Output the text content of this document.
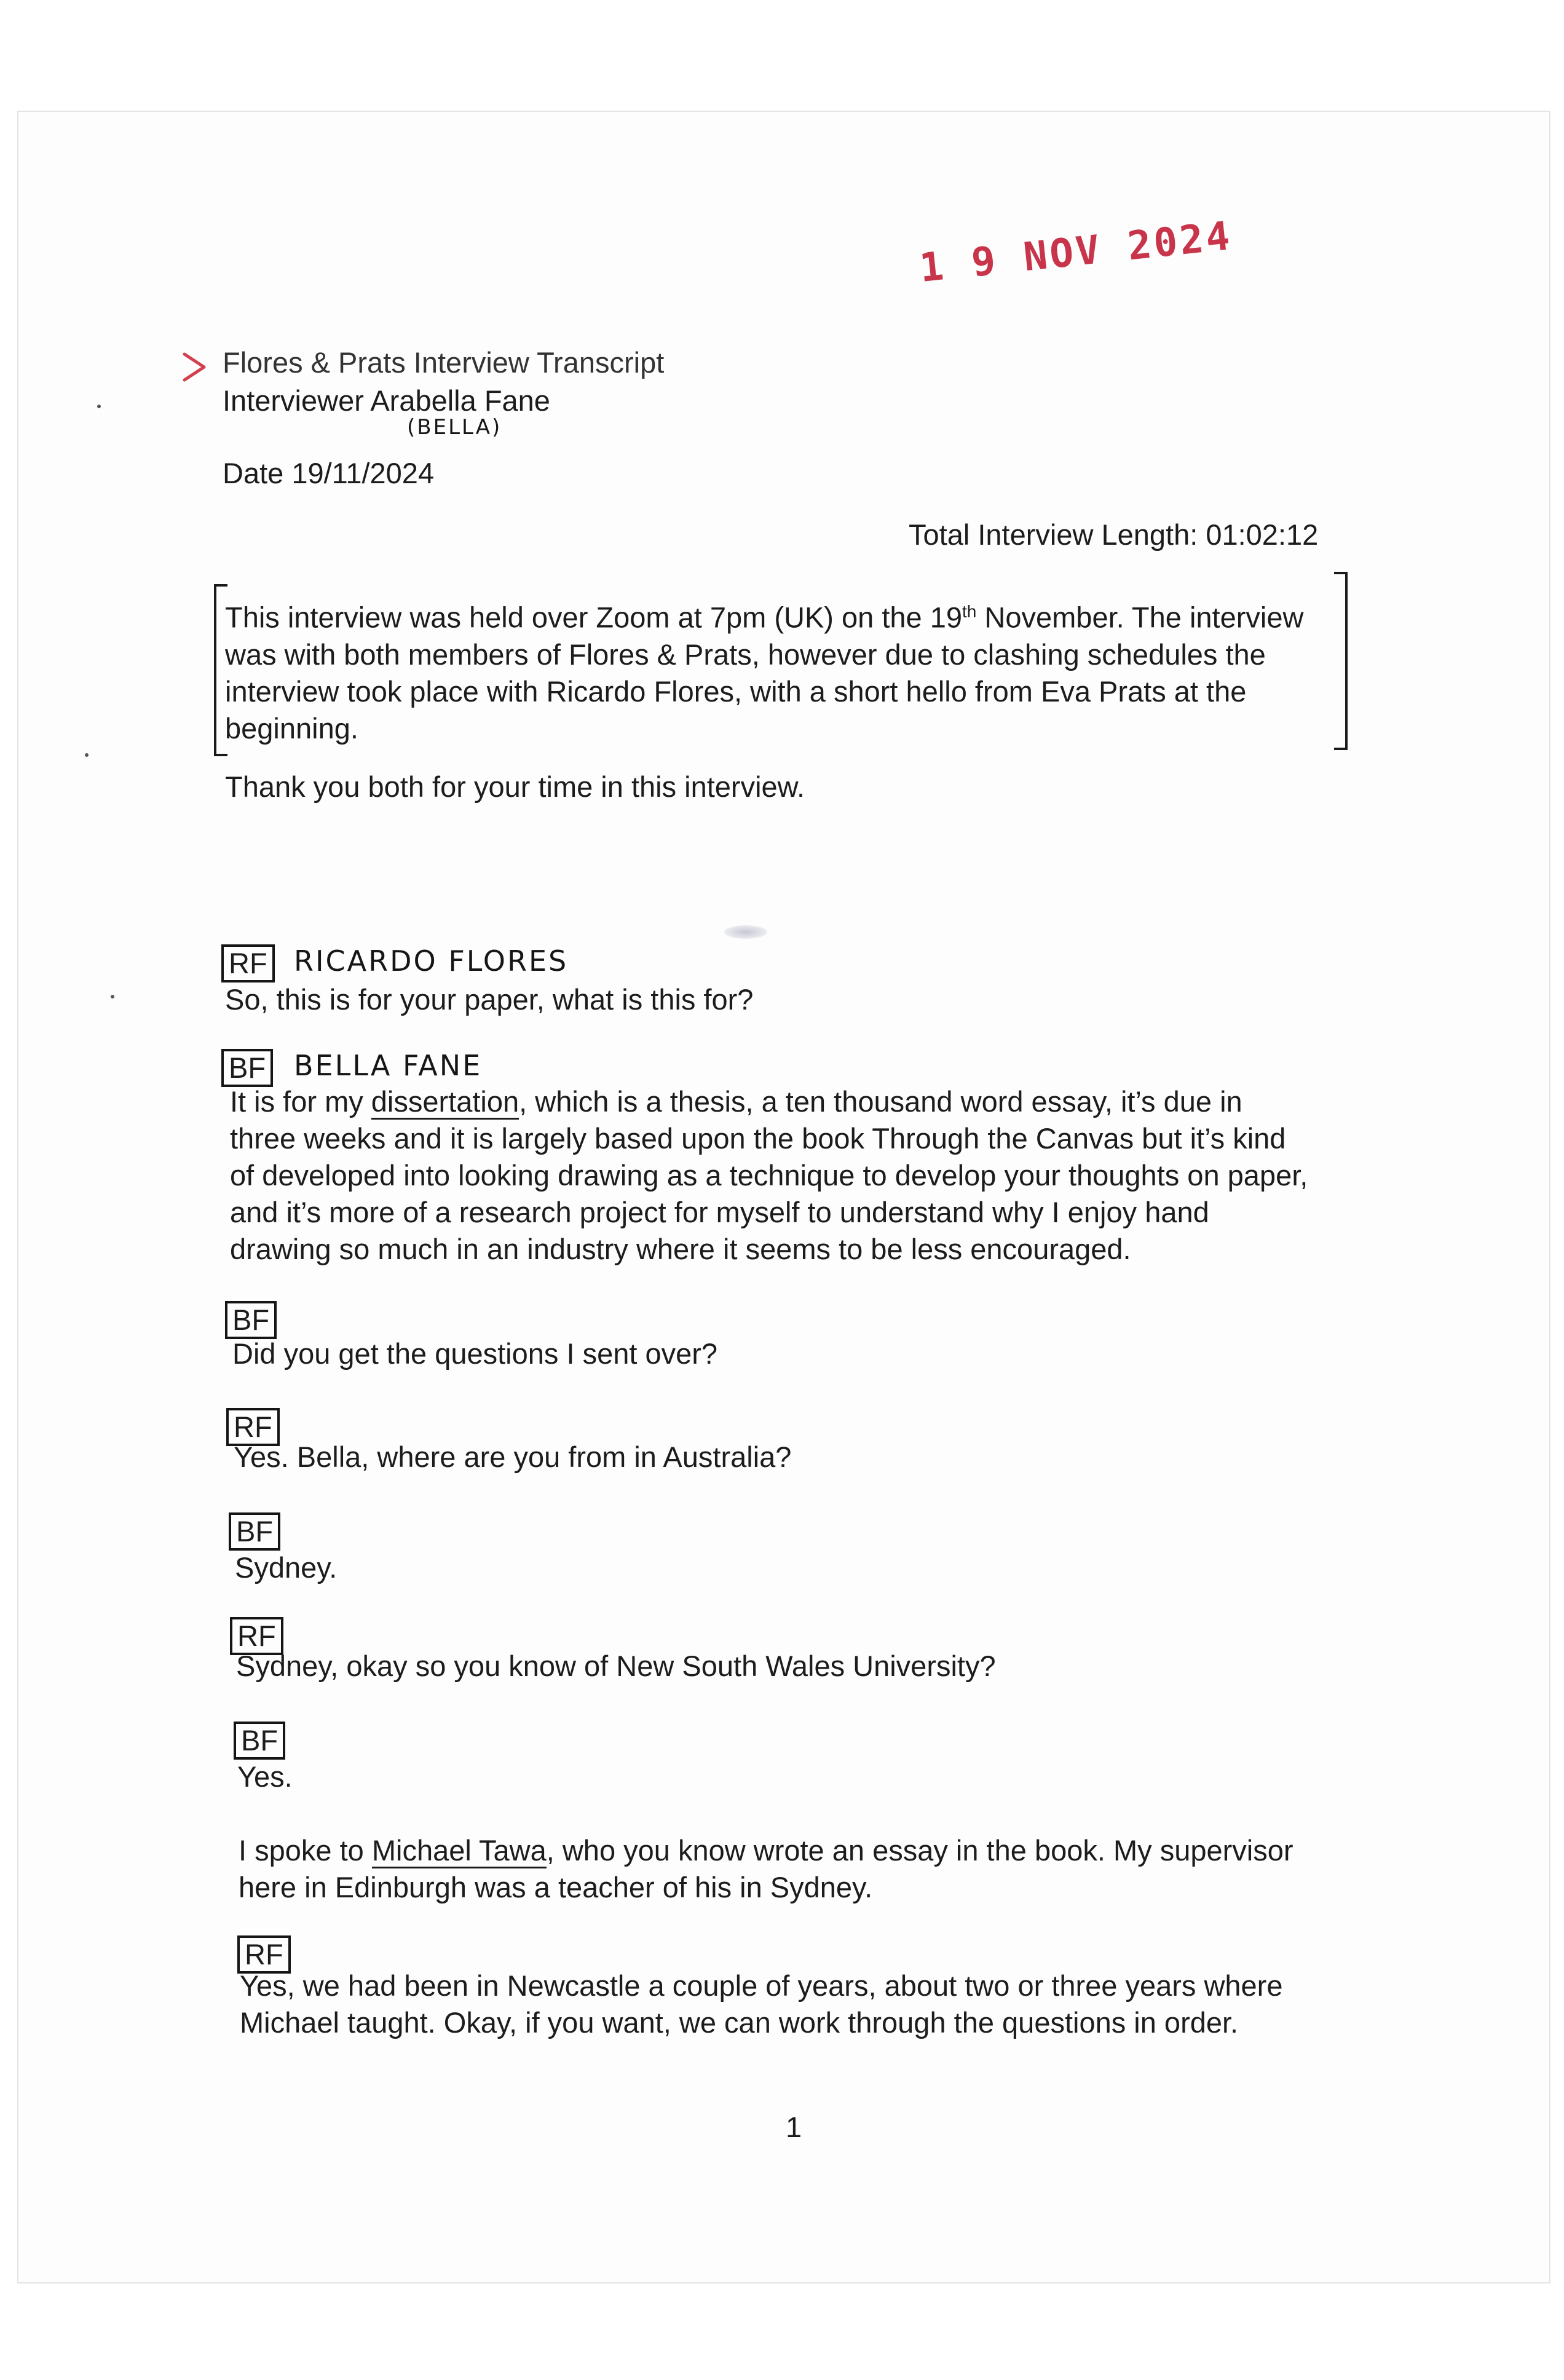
1 9 NOV 2024
Flores & Prats Interview Transcript
Interviewer Arabella Fane
(BELLA)
Date 19/11/2024
Total Interview Length: 01:02:12
This interview was held over Zoom at 7pm (UK) on the 19th November. The interview
was with both members of Flores & Prats, however due to clashing schedules the
interview took place with Ricardo Flores, with a short hello from Eva Prats at the
beginning.
Thank you both for your time in this interview.
RF RICARDO FLORES
So, this is for your paper, what is this for?
BF BELLA FANE
It is for my dissertation, which is a thesis, a ten thousand word essay, it’s due in
three weeks and it is largely based upon the book Through the Canvas but it’s kind
of developed into looking drawing as a technique to develop your thoughts on paper,
and it’s more of a research project for myself to understand why I enjoy hand
drawing so much in an industry where it seems to be less encouraged.
BF
Did you get the questions I sent over?
RF
Yes. Bella, where are you from in Australia?
BF
Sydney.
RF
Sydney, okay so you know of New South Wales University?
BF
Yes.
I spoke to Michael Tawa, who you know wrote an essay in the book. My supervisor
here in Edinburgh was a teacher of his in Sydney.
RF
Yes, we had been in Newcastle a couple of years, about two or three years where
Michael taught. Okay, if you want, we can work through the questions in order.
1
